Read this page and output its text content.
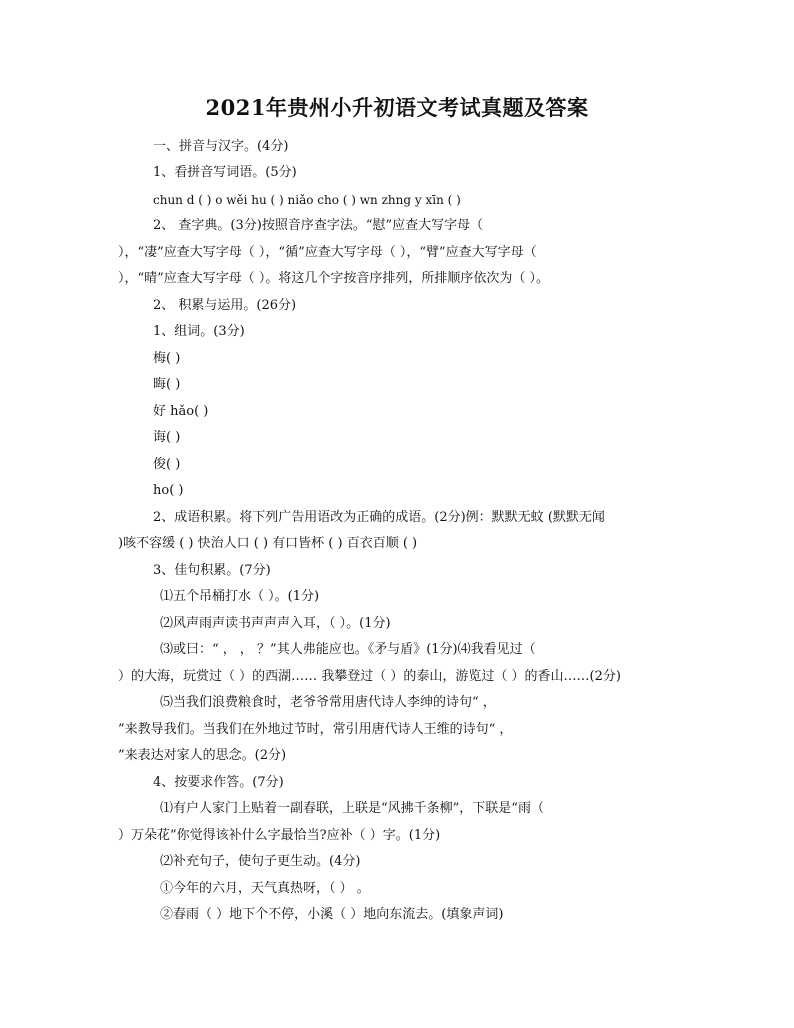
2021年贵州小升初语文考试真题及答案
一、拼音与汉字。(4分)
1、看拼音写词语。(5分)
chun d ( ) o wěi hu ( ) niǎo cho ( ) wn zhng y xīn ( )
2、 查字典。(3分)按照音序查字法。“慰”应查大写字母（
），“凄”应查大写字母（ ），“循”应查大写字母（ ），“臂”应查大写字母（
），“晴”应查大写字母（ ）。将这几个字按音序排列，所排顺序依次为（ ）。
2、 积累与运用。(26分)
1、组词。(3分)
梅( )
晦( )
好 hǎo( )
诲( )
俊( )
ho( )
2、成语积累。将下列广告用语改为正确的成语。(2分)例：默默无蚊 (默默无闻
)咳不容缓 ( ) 快治人口 ( ) 有口皆杯 ( ) 百衣百顺 ( )
3、佳句积累。(7分)
⑴五个吊桶打水（ ）。(1分)
⑵风声雨声读书声声声入耳，（ ）。(1分)
⑶或曰：“ ， ， ？”其人弗能应也。《矛与盾》(1分)⑷我看见过（
）的大海，玩赏过（ ）的西湖…… 我攀登过（ ）的泰山，游览过（ ）的香山……(2分)
⑸当我们浪费粮食时，老爷爷常用唐代诗人李绅的诗句“ ，
”来教导我们。当我们在外地过节时，常引用唐代诗人王维的诗句“ ，
”来表达对家人的思念。(2分)
4、按要求作答。(7分)
⑴有户人家门上贴着一副春联，上联是“风拂千条柳”，下联是“雨（
）万朵花”你觉得该补什么字最恰当?应补（ ）字。(1分)
⑵补充句子，使句子更生动。(4分)
①今年的六月，天气真热呀，（ ） 。
②春雨（ ）地下个不停，小溪（ ）地向东流去。(填象声词)
